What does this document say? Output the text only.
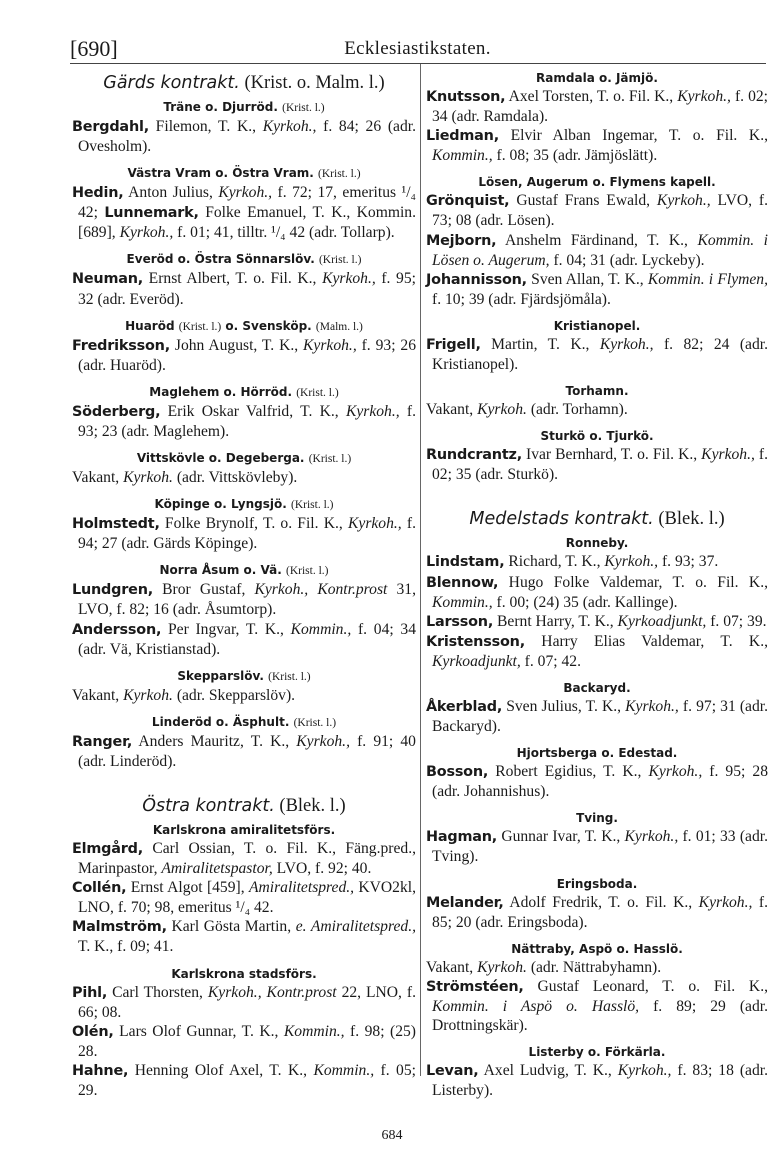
[690]	Ecklesiastikstaten.
Gärds kontrakt. (Krist. o. Malm. l.)
Träne o. Djurröd. (Krist. l.)
Bergdahl, Filemon, T. K., Kyrkoh., f. 84; 26 (adr. Ovesholm).
Västra Vram o. Östra Vram. (Krist. l.)
Hedin, Anton Julius, Kyrkoh., f. 72; 17, emeritus ¹/₄ 42; Lunnemark, Folke Emanuel, T. K., Kommin. [689], Kyrkoh., f. 01; 41, tilltr. ¹/₄ 42 (adr. Tollarp).
Everöd o. Östra Sönnarslöv. (Krist. l.)
Neuman, Ernst Albert, T. o. Fil. K., Kyrkoh., f. 95; 32 (adr. Everöd).
Huaröd (Krist. l.) o. Svensköp. (Malm. l.)
Fredriksson, John August, T. K., Kyrkoh., f. 93; 26 (adr. Huaröd).
Maglehem o. Hörröd. (Krist. l.)
Söderberg, Erik Oskar Valfrid, T. K., Kyrkoh., f. 93; 23 (adr. Maglehem).
Vittskövle o. Degeberga. (Krist. l.)
Vakant, Kyrkoh. (adr. Vittskövleby).
Köpinge o. Lyngsjö. (Krist. l.)
Holmstedt, Folke Brynolf, T. o. Fil. K., Kyrkoh., f. 94; 27 (adr. Gärds Köpinge).
Norra Åsum o. Vä. (Krist. l.)
Lundgren, Bror Gustaf, Kyrkoh., Kontr.prost 31, LVO, f. 82; 16 (adr. Åsumtorp).
Andersson, Per Ingvar, T. K., Kommin., f. 04; 34 (adr. Vä, Kristianstad).
Skepparslöv. (Krist. l.)
Vakant, Kyrkoh. (adr. Skepparslöv).
Linderöd o. Äsphult. (Krist. l.)
Ranger, Anders Mauritz, T. K., Kyrkoh., f. 91; 40 (adr. Linderöd).
Östra kontrakt. (Blek. l.)
Karlskrona amiralitetsförs.
Elmgård, Carl Ossian, T. o. Fil. K., Fäng.pred., Marinpastor, Amiralitetspastor, LVO, f. 92; 40.
Collén, Ernst Algot [459], Amiralitetspred., KVO2kl, LNO, f. 70; 98, emeritus ¹/₄ 42.
Malmström, Karl Gösta Martin, e. Amiralitetspred., T. K., f. 09; 41.
Karlskrona stadsförs.
Pihl, Carl Thorsten, Kyrkoh., Kontr.prost 22, LNO, f. 66; 08.
Olén, Lars Olof Gunnar, T. K., Kommin., f. 98; (25) 28.
Hahne, Henning Olof Axel, T. K., Kommin., f. 05; 29.
Ramdala o. Jämjö.
Knutsson, Axel Torsten, T. o. Fil. K., Kyrkoh., f. 02; 34 (adr. Ramdala).
Liedman, Elvir Alban Ingemar, T. o. Fil. K., Kommin., f. 08; 35 (adr. Jämjöslätt).
Lösen, Augerum o. Flymens kapell.
Grönquist, Gustaf Frans Ewald, Kyrkoh., LVO, f. 73; 08 (adr. Lösen).
Mejborn, Anshelm Färdinand, T. K., Kommin. i Lösen o. Augerum, f. 04; 31 (adr. Lyckeby).
Johannisson, Sven Allan, T. K., Kommin. i Flymen, f. 10; 39 (adr. Fjärdsjömåla).
Kristianopel.
Frigell, Martin, T. K., Kyrkoh., f. 82; 24 (adr. Kristianopel).
Torhamn.
Vakant, Kyrkoh. (adr. Torhamn).
Sturkö o. Tjurkö.
Rundcrantz, Ivar Bernhard, T. o. Fil. K., Kyrkoh., f. 02; 35 (adr. Sturkö).
Medelstads kontrakt. (Blek. l.)
Ronneby.
Lindstam, Richard, T. K., Kyrkoh., f. 93; 37.
Blennow, Hugo Folke Valdemar, T. o. Fil. K., Kommin., f. 00; (24) 35 (adr. Kallinge).
Larsson, Bernt Harry, T. K., Kyrkoadjunkt, f. 07; 39.
Kristensson, Harry Elias Valdemar, T. K., Kyrkoadjunkt, f. 07; 42.
Backaryd.
Åkerblad, Sven Julius, T. K., Kyrkoh., f. 97; 31 (adr. Backaryd).
Hjortsberga o. Edestad.
Bosson, Robert Egidius, T. K., Kyrkoh., f. 95; 28 (adr. Johannishus).
Tving.
Hagman, Gunnar Ivar, T. K., Kyrkoh., f. 01; 33 (adr. Tving).
Eringsboda.
Melander, Adolf Fredrik, T. o. Fil. K., Kyrkoh., f. 85; 20 (adr. Eringsboda).
Nättraby, Aspö o. Hasslö.
Vakant, Kyrkoh. (adr. Nättrabyhamn).
Strömstéen, Gustaf Leonard, T. o. Fil. K., Kommin. i Aspö o. Hasslö, f. 89; 29 (adr. Drottningskär).
Listerby o. Förkärla.
Levan, Axel Ludvig, T. K., Kyrkoh., f. 83; 18 (adr. Listerby).
684
